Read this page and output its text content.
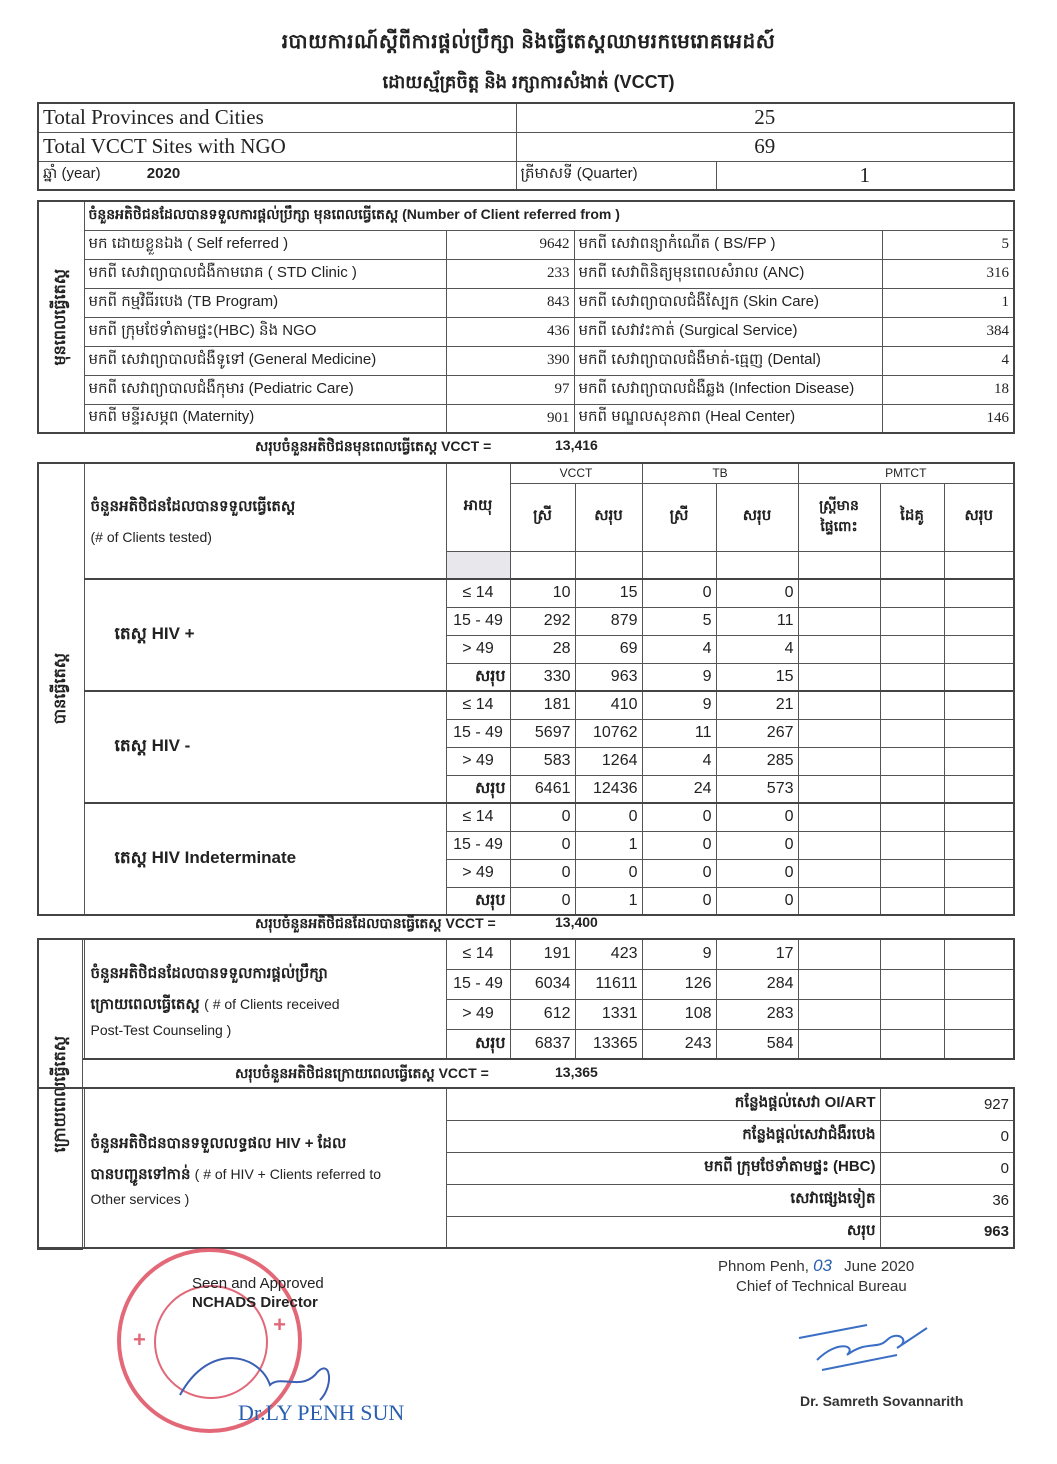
របាយការណ៍ស្តីពីការផ្តល់ប្រឹក្សា និងធ្វើតេស្តឈាមរកមេរោគអេដស៍
ដោយស្ម័គ្រចិត្ត និង រក្សាការសំងាត់ (VCCT)
Total Provinces and Cities	25	
Total VCCT Sites with NGO	69	
ឆ្នាំ (year) 2020	ត្រីមាសទី (Quarter)	1
មុនពេលធ្វើតេស្ត	ចំនួនអតិថិជនដែលបានទទួលការផ្តល់ប្រឹក្សា មុនពេលធ្វើតេស្ត (Number of Client referred from )			
	មក ដោយខ្លួនឯង ( Self referred )	9642	មកពី សេវាពន្យាកំណើត ( BS/FP )	5
	មកពី សេវាព្យាបាលជំងឺកាមរោគ ( STD Clinic )	233	មកពី សេវាពិនិត្យមុនពេលសំរាល (ANC)	316
	មកពី កម្មវិធីរបេង (TB Program)	843	មកពី សេវាព្យាបាលជំងឺស្បែក (Skin Care)	1
	មកពី ក្រុមថែទាំតាមផ្ទះ(HBC) និង NGO	436	មកពី សេវាវះកាត់ (Surgical Service)	384
	មកពី សេវាព្យាបាលជំងឺទូទៅ (General Medicine)	390	មកពី សេវាព្យាបាលជំងឺមាត់-ធ្មេញ (Dental)	4
	មកពី សេវាព្យាបាលជំងឺកុមារ (Pediatric Care)	97	មកពី សេវាព្យាបាលជំងឺឆ្លង (Infection Disease)	18
	មកពី មន្ទីរសម្ភព (Maternity)	901	មកពី មណ្ឌលសុខភាព (Heal Center)	146
សរុបចំនួនអតិថិជនមុនពេលធ្វើតេស្ត VCCT =	13,416
បានធ្វើតេស្ត	ចំនួនអតិថិជនដែលបានទទួលធ្វើតេស្ត
(# of Clients tested)	អាយុ	VCCT		TB		PMTCT		
			ស្រី	សរុប	ស្រី	សរុប	ស្ត្រីមានផ្ទៃពោះ	ដៃគូ	សរុប

	តេស្ត HIV +	≤ 14	10	15	0	0			
		15 - 49	292	879	5	11			
		> 49	28	69	4	4			
		សរុប	330	963	9	15			
	តេស្ត HIV -	≤ 14	181	410	9	21			
		15 - 49	5697	10762	11	267			
		> 49	583	1264	4	285			
		សរុប	6461	12436	24	573			
	តេស្ត HIV Indeterminate	≤ 14	0	0	0	0			
		15 - 49	0	1	0	0			
		> 49	0	0	0	0			
		សរុប	0	1	0	0			
សរុបចំនួនអតិថិជនដែលបានធ្វើតេស្ត VCCT =	13,400

	ចំនួនអតិថិជនដែលបានទទួលការផ្តល់ប្រឹក្សា
ក្រោយពេលធ្វើតេស្ត ( # of Clients received
Post-Test Counseling )	≤ 14	191	423	9	17			
		15 - 49	6034	11611	126	284			
		> 49	612	1331	108	283			
		សរុប	6837	13365	243	584			
ក្រោយពេលធ្វើតេស្ត	សរុបចំនួនអតិថិជនក្រោយពេលធ្វើតេស្ត VCCT =	13,365

	ចំនួនអតិថិជនបានទទួលលទ្ធផល HIV + ដែល
បានបញ្ជូនទៅកាន់ ( # of HIV + Clients referred to
Other services )	កន្លែងផ្តល់សេវា OI/ART	927
		កន្លែងផ្តល់សេវាជំងឺរបេង	0
		មកពី ក្រុមថែទាំតាមផ្ទះ (HBC)	0
		សេវាផ្សេងទៀត	36
		សរុប	963
+
+
Seen and Approved
NCHADS Director
Dr.LY PENH SUN
Phnom Penh, 03 June 2020
Chief of Technical Bureau
Dr. Samreth Sovannarith
